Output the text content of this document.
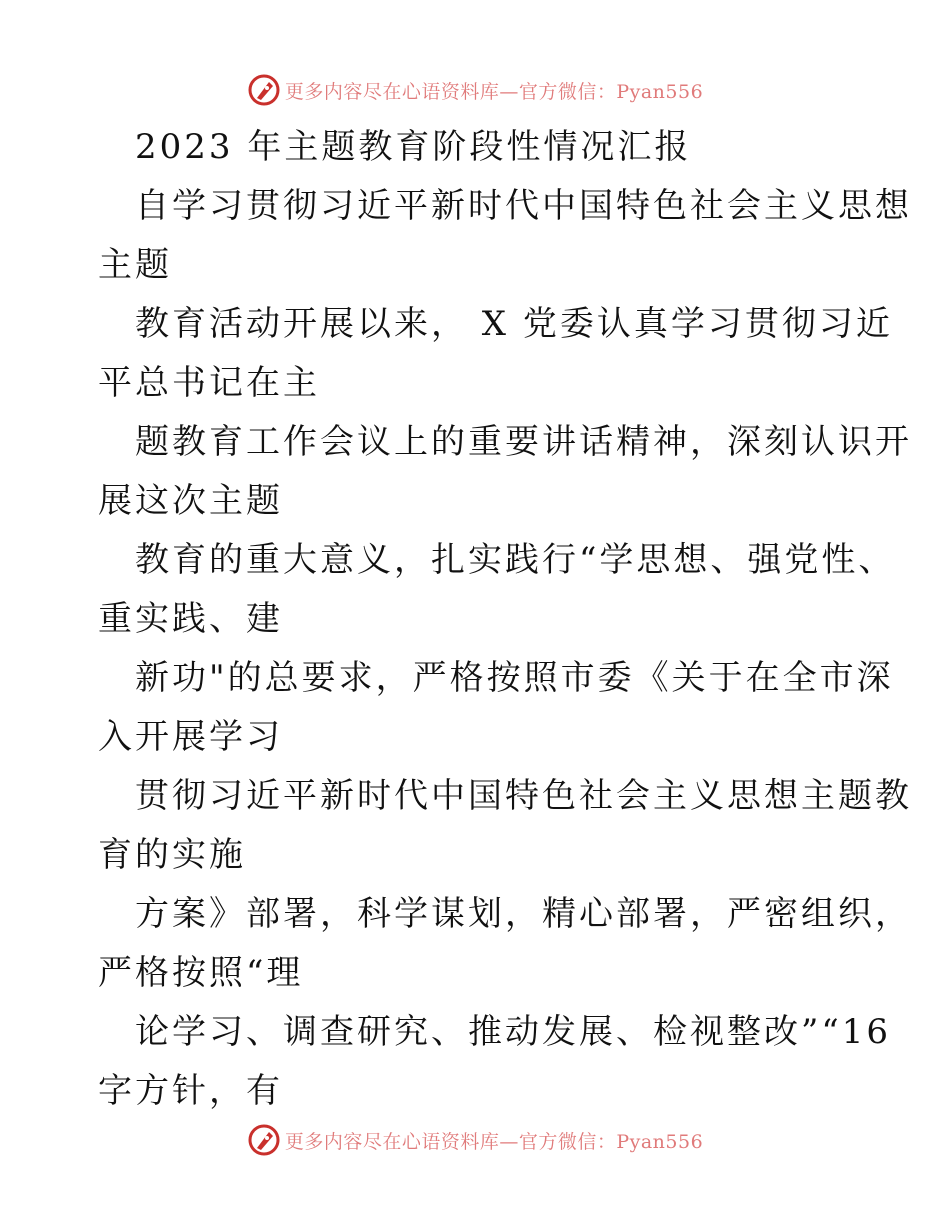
更多内容尽在心语资料库—官方微信：Pyan556
2023 年主题教育阶段性情况汇报
自学习贯彻习近平新时代中国特色社会主义思想
主题
教育活动开展以来， X 党委认真学习贯彻习近
平总书记在主
题教育工作会议上的重要讲话精神，深刻认识开
展这次主题
教育的重大意义，扎实践行“学思想、强党性、
重实践、建
新功"的总要求，严格按照市委《关于在全市深
入开展学习
贯彻习近平新时代中国特色社会主义思想主题教
育的实施
方案》部署，科学谋划，精心部署，严密组织，
严格按照“理
论学习、调查研究、推动发展、检视整改”“16
字方针，有
更多内容尽在心语资料库—官方微信：Pyan556
